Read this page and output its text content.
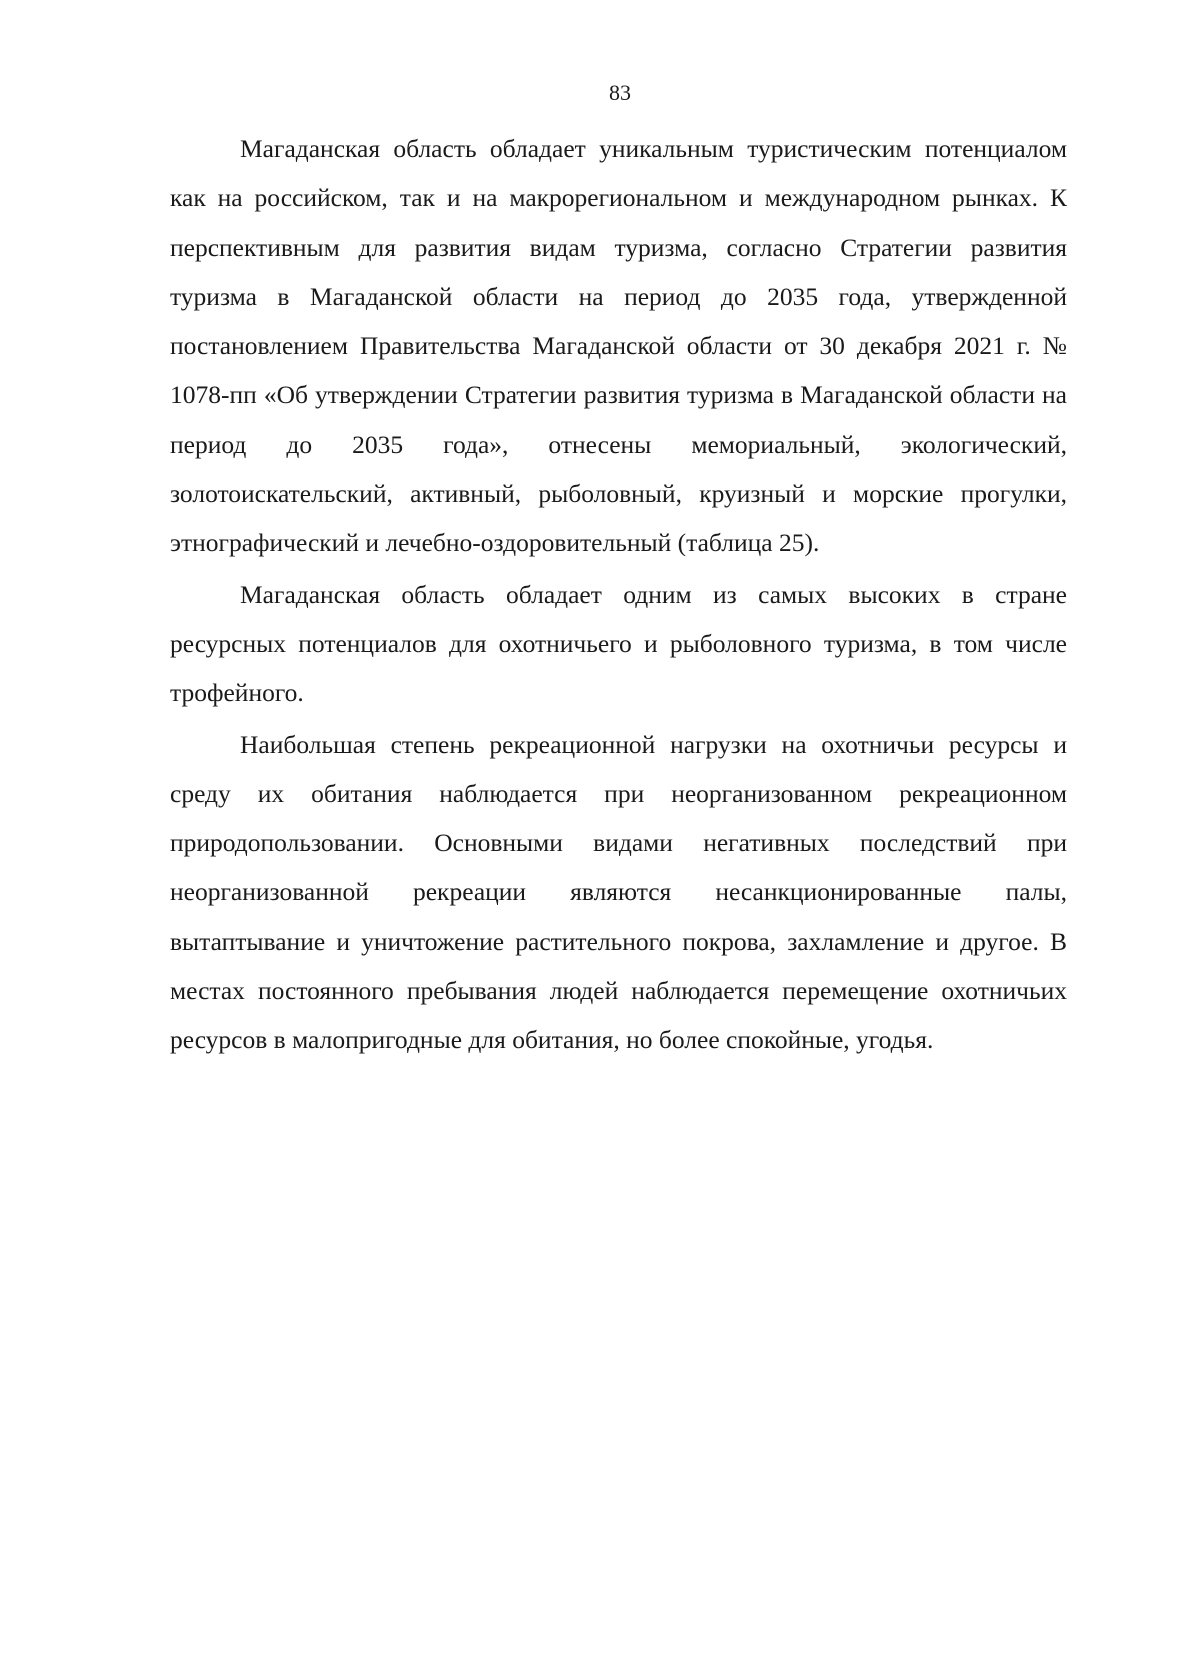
83

Магаданская область обладает уникальным туристическим потенциалом как на российском, так и на макрорегиональном и международном рынках. К перспективным для развития видам туризма, согласно Стратегии развития туризма в Магаданской области на период до 2035 года, утвержденной постановлением Правительства Магаданской области от 30 декабря 2021 г. № 1078-пп «Об утверждении Стратегии развития туризма в Магаданской области на период до 2035 года», отнесены мемориальный, экологический, золотоискательский, активный, рыболовный, круизный и морские прогулки, этнографический и лечебно-оздоровительный (таблица 25).

Магаданская область обладает одним из самых высоких в стране ресурсных потенциалов для охотничьего и рыболовного туризма, в том числе трофейного.

Наибольшая степень рекреационной нагрузки на охотничьи ресурсы и среду их обитания наблюдается при неорганизованном рекреационном природопользовании. Основными видами негативных последствий при неорганизованной рекреации являются несанкционированные палы, вытаптывание и уничтожение растительного покрова, захламление и другое. В местах постоянного пребывания людей наблюдается перемещение охотничьих ресурсов в малопригодные для обитания, но более спокойные, угодья.
